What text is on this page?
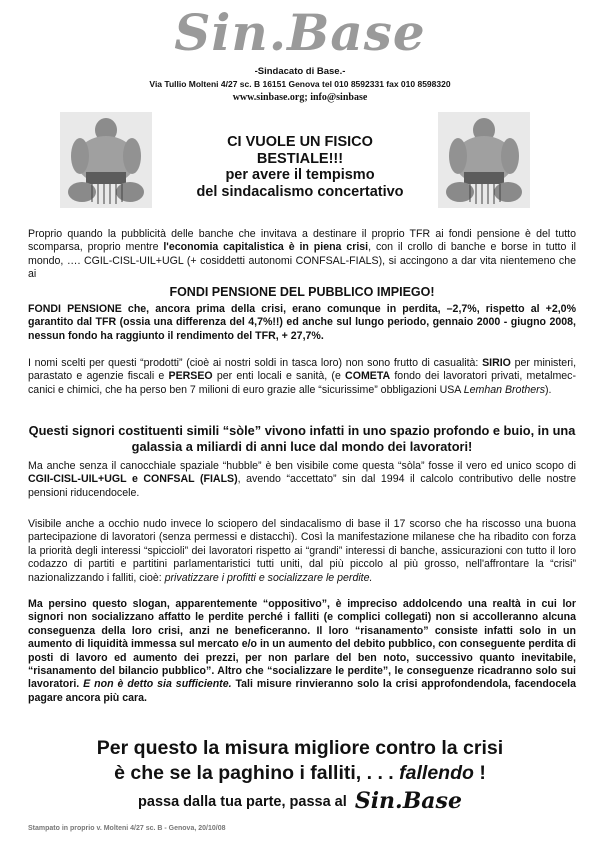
Sin.Base
-Sindacato di Base.-
Via Tullio Molteni 4/27 sc. B 16151 Genova tel 010 8592331 fax 010 8598320
www.sinbase.org; info@sinbase
CI VUOLE UN FISICO
BESTIALE!!!
per avere il tempismo
del sindacalismo concertativo
Proprio quando la pubblicità delle banche che invitava a destinare il proprio TFR ai fondi pensione è del tutto scomparsa, proprio mentre l'economia capitalistica è in piena crisi, con il crollo di banche e borse in tutto il mondo, …. CGIL-CISL-UIL+UGL (+ cosiddetti autonomi CONFSAL-FIALS), si accingono a dar vita nientemeno che ai
FONDI PENSIONE DEL PUBBLICO IMPIEGO!
FONDI PENSIONE che, ancora prima della crisi, erano comunque in perdita, –2,7%, rispetto al +2,0% garantito dal TFR (ossia una differenza del 4,7%!!) ed anche sul lungo periodo, gennaio 2000 - giugno 2008, nessun fondo ha raggiunto il rendimento del TFR, + 27,7%.
I nomi scelti per questi “prodotti” (cioè ai nostri soldi in tasca loro) non sono frutto di casualità: SIRIO per ministeri, parastato e agenzie fiscali e PERSEO per enti locali e sanità, (e COMETA fondo dei lavoratori privati, metalmec-canici e chimici, che ha perso ben 7 milioni di euro grazie alle “sicurissime” obbligazioni USA Lemhan Brothers).
Questi signori costituenti simili “sòle” vivono infatti in uno spazio profondo e buio, in una galassia a miliardi di anni luce dal mondo dei lavoratori!
Ma anche senza il canocchiale spaziale “hubble” è ben visibile come questa “sòla” fosse il vero ed unico scopo di CGII-CISL-UIL+UGL e CONFSAL (FIALS), avendo “accettato” sin dal 1994 il calcolo contributivo delle nostre pensioni riducendocele.
Visibile anche a occhio nudo invece lo sciopero del sindacalismo di base il 17 scorso che ha riscosso una buona partecipazione di lavoratori (senza permessi e distacchi). Così la manifestazione milanese che ha ribadito con forza la priorità degli interessi “spiccioli” dei lavoratori rispetto ai “grandi” interessi di banche, assicurazioni con tutto il loro codazzo di partiti e partitini parlamentaristici tutti uniti, dal più piccolo al più grosso, nell'affrontare la “crisi” nazionalizzando i falliti, cioè: privatizzare i profitti e socializzare le perdite.
Ma persino questo slogan, apparentemente “oppositivo”, è impreciso addolcendo una realtà in cui lor signori non socializzano affatto le perdite perché i falliti (e complici collegati) non si accolleranno alcuna conseguenza della loro crisi, anzi ne beneficeranno. Il loro “risanamento” consiste infatti solo in un aumento di liquidità immessa sul mercato e/o in un aumento del debito pubblico, con conseguente perdita di posti di lavoro ed aumento dei prezzi, per non parlare del ben noto, successivo quanto inevitabile, “risanamento del bilancio pubblico”. Altro che “socializzare le perdite”, le conseguenze ricadranno solo sui lavoratori. E non è detto sia sufficiente. Tali misure rinvieranno solo la crisi approfondendola, facendocela pagare ancora più cara.
Per questo la misura migliore contro la crisi
è che se la paghino i falliti, . . . fallendo !
passa dalla tua parte, passa al Sin.Base
Stampato in proprio v. Molteni 4/27 sc. B - Genova, 20/10/08
